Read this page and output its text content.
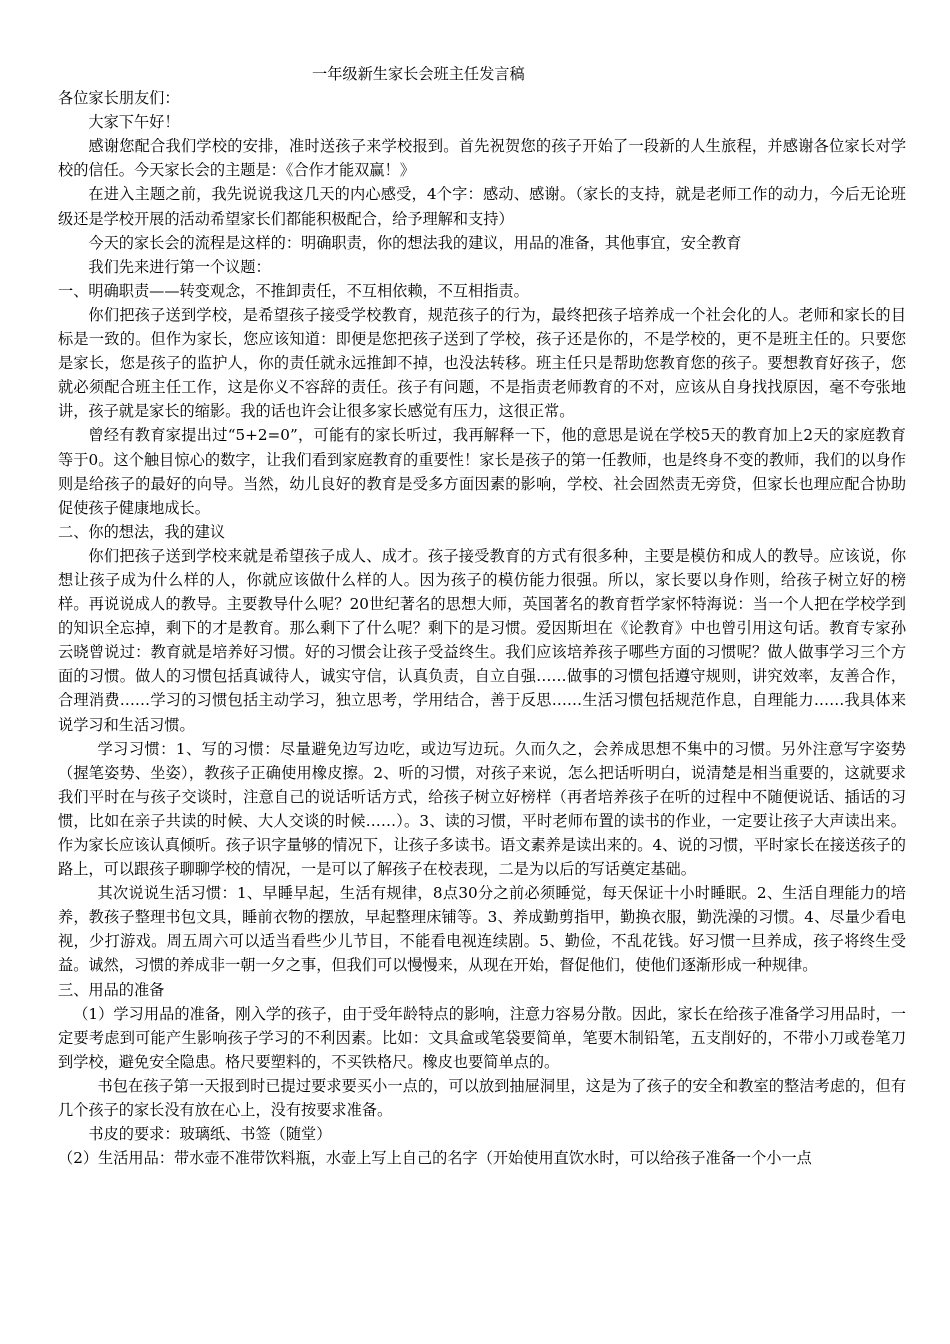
一年级新生家长会班主任发言稿

各位家长朋友们：

大家下午好！

感谢您配合我们学校的安排，准时送孩子来学校报到。首先祝贺您的孩子开始了一段新的人生旅程，并感谢各位家长对学校的信任。今天家长会的主题是：《合作才能双赢！》

在进入主题之前，我先说说我这几天的内心感受，4个字：感动、感谢。（家长的支持，就是老师工作的动力，今后无论班级还是学校开展的活动希望家长们都能积极配合，给予理解和支持）

今天的家长会的流程是这样的：明确职责，你的想法我的建议，用品的准备，其他事宜，安全教育

我们先来进行第一个议题：

一、明确职责——转变观念，不推卸责任，不互相依赖，不互相指责。

你们把孩子送到学校，是希望孩子接受学校教育，规范孩子的行为，最终把孩子培养成一个社会化的人。老师和家长的目标是一致的。但作为家长，您应该知道：即便是您把孩子送到了学校，孩子还是你的，不是学校的，更不是班主任的。只要您是家长，您是孩子的监护人，你的责任就永远推卸不掉，也没法转移。班主任只是帮助您教育您的孩子。要想教育好孩子，您就必须配合班主任工作，这是你义不容辞的责任。孩子有问题，不是指责老师教育的不对，应该从自身找找原因，毫不夸张地讲，孩子就是家长的缩影。我的话也许会让很多家长感觉有压力，这很正常。

曾经有教育家提出过“5+2=0”，可能有的家长听过，我再解释一下，他的意思是说在学校5天的教育加上2天的家庭教育等于0。这个触目惊心的数字，让我们看到家庭教育的重要性！家长是孩子的第一任教师，也是终身不变的教师，我们的以身作则是给孩子的最好的向导。当然，幼儿良好的教育是受多方面因素的影响，学校、社会固然责无旁贷，但家长也理应配合协助促使孩子健康地成长。

二、你的想法，我的建议

你们把孩子送到学校来就是希望孩子成人、成才。孩子接受教育的方式有很多种，主要是模仿和成人的教导。应该说，你想让孩子成为什么样的人，你就应该做什么样的人。因为孩子的模仿能力很强。所以，家长要以身作则，给孩子树立好的榜样。再说说成人的教导。主要教导什么呢？20世纪著名的思想大师，英国著名的教育哲学家怀特海说：当一个人把在学校学到的知识全忘掉，剩下的才是教育。那么剩下了什么呢？剩下的是习惯。爱因斯坦在《论教育》中也曾引用这句话。教育专家孙云晓曾说过：教育就是培养好习惯。好的习惯会让孩子受益终生。我们应该培养孩子哪些方面的习惯呢？做人做事学习三个方面的习惯。做人的习惯包括真诚待人，诚实守信，认真负责，自立自强……做事的习惯包括遵守规则，讲究效率，友善合作，合理消费……学习的习惯包括主动学习，独立思考，学用结合，善于反思……生活习惯包括规范作息，自理能力……我具体来说学习和生活习惯。

学习习惯：1、写的习惯：尽量避免边写边吃，或边写边玩。久而久之，会养成思想不集中的习惯。另外注意写字姿势（握笔姿势、坐姿），教孩子正确使用橡皮擦。2、听的习惯，对孩子来说，怎么把话听明白，说清楚是相当重要的，这就要求我们平时在与孩子交谈时，注意自己的说话听话方式，给孩子树立好榜样（再者培养孩子在听的过程中不随便说话、插话的习惯，比如在亲子共读的时候、大人交谈的时候……）。3、读的习惯，平时老师布置的读书的作业，一定要让孩子大声读出来。作为家长应该认真倾听。孩子识字量够的情况下，让孩子多读书。语文素养是读出来的。4、说的习惯，平时家长在接送孩子的路上，可以跟孩子聊聊学校的情况，一是可以了解孩子在校表现，二是为以后的写话奠定基础。

其次说说生活习惯：1、早睡早起，生活有规律，8点30分之前必须睡觉，每天保证十小时睡眠。2、生活自理能力的培养，教孩子整理书包文具，睡前衣物的摆放，早起整理床铺等。3、养成勤剪指甲，勤换衣服，勤洗澡的习惯。4、尽量少看电视，少打游戏。周五周六可以适当看些少儿节目，不能看电视连续剧。5、勤俭，不乱花钱。好习惯一旦养成，孩子将终生受益。诚然，习惯的养成非一朝一夕之事，但我们可以慢慢来，从现在开始，督促他们，使他们逐渐形成一种规律。

三、用品的准备

（1）学习用品的准备，刚入学的孩子，由于受年龄特点的影响，注意力容易分散。因此，家长在给孩子准备学习用品时，一定要考虑到可能产生影响孩子学习的不利因素。比如：文具盒或笔袋要简单，笔要木制铅笔，五支削好的，不带小刀或卷笔刀到学校，避免安全隐患。格尺要塑料的，不买铁格尺。橡皮也要简单点的。

书包在孩子第一天报到时已提过要求要买小一点的，可以放到抽屉洞里，这是为了孩子的安全和教室的整洁考虑的，但有几个孩子的家长没有放在心上，没有按要求准备。

书皮的要求：玻璃纸、书签（随堂）

（2）生活用品：带水壶不准带饮料瓶，水壶上写上自己的名字（开始使用直饮水时，可以给孩子准备一个小一点
